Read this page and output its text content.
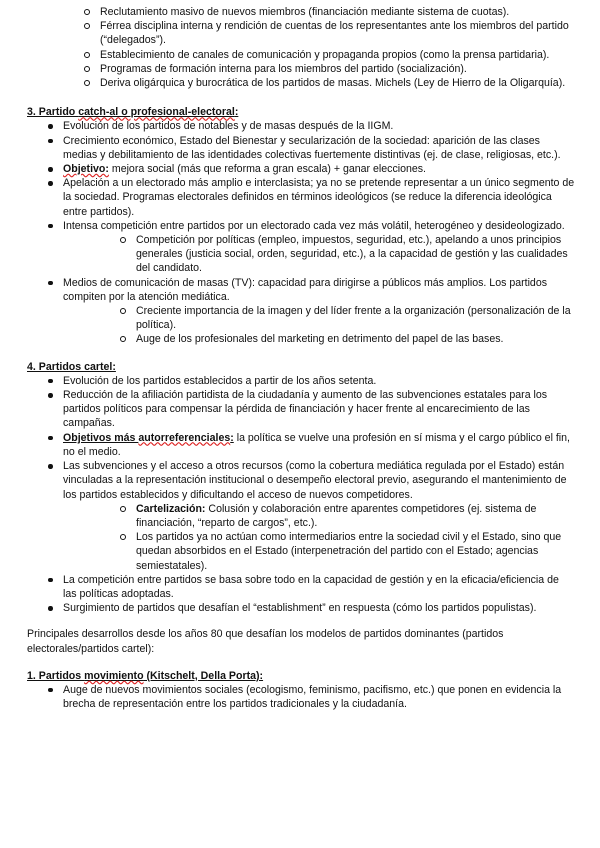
Reclutamiento masivo de nuevos miembros (financiación mediante sistema de cuotas).
Férrea disciplina interna y rendición de cuentas de los representantes ante los miembros del partido (“delegados”).
Establecimiento de canales de comunicación y propaganda propios (como la prensa partidaria).
Programas de formación interna para los miembros del partido (socialización).
Deriva oligárquica y burocrática de los partidos de masas. Michels (Ley de Hierro de la Oligarquía).
3. Partido catch-al o profesional-electoral:
Evolución de los partidos de notables y de masas después de la IIGM.
Crecimiento económico, Estado del Bienestar y secularización de la sociedad: aparición de las clases medias y debilitamiento de las identidades colectivas fuertemente distintivas (ej. de clase, religiosas, etc.).
Objetivo: mejora social (más que reforma a gran escala) + ganar elecciones.
Apelación a un electorado más amplio e interclasista; ya no se pretende representar a un único segmento de la sociedad. Programas electorales definidos en términos ideológicos (se reduce la diferencia ideológica entre partidos).
Intensa competición entre partidos por un electorado cada vez más volátil, heterogéneo y desideologizado.
Competición por políticas (empleo, impuestos, seguridad, etc.), apelando a unos principios generales (justicia social, orden, seguridad, etc.), a la capacidad de gestión y las cualidades del candidato.
Medios de comunicación de masas (TV): capacidad para dirigirse a públicos más amplios. Los partidos compiten por la atención mediática.
Creciente importancia de la imagen y del líder frente a la organización (personalización de la política).
Auge de los profesionales del marketing en detrimento del papel de las bases.
4. Partidos cartel:
Evolución de los partidos establecidos a partir de los años setenta.
Reducción de la afiliación partidista de la ciudadanía y aumento de las subvenciones estatales para los partidos políticos para compensar la pérdida de financiación y hacer frente al encarecimiento de las campañas.
Objetivos más autorreferenciales: la política se vuelve una profesión en sí misma y el cargo público el fin, no el medio.
Las subvenciones y el acceso a otros recursos (como la cobertura mediática regulada por el Estado) están vinculadas a la representación institucional o desempeño electoral previo, asegurando el mantenimiento de los partidos establecidos y dificultando el acceso de nuevos competidores.
Cartelización: Colusión y colaboración entre aparentes competidores (ej. sistema de financiación, “reparto de cargos”, etc.).
Los partidos ya no actúan como intermediarios entre la sociedad civil y el Estado, sino que quedan absorbidos en el Estado (interpenetración del partido con el Estado; agencias semiestatales).
La competición entre partidos se basa sobre todo en la capacidad de gestión y en la eficacia/eficiencia de las políticas adoptadas.
Surgimiento de partidos que desafían el “establishment” en respuesta (cómo los partidos populistas).
Principales desarrollos desde los años 80 que desafían los modelos de partidos dominantes (partidos electorales/partidos cartel):
1. Partidos movimiento (Kitschelt, Della Porta):
Auge de nuevos movimientos sociales (ecologismo, feminismo, pacifismo, etc.) que ponen en evidencia la brecha de representación entre los partidos tradicionales y la ciudadanía.
